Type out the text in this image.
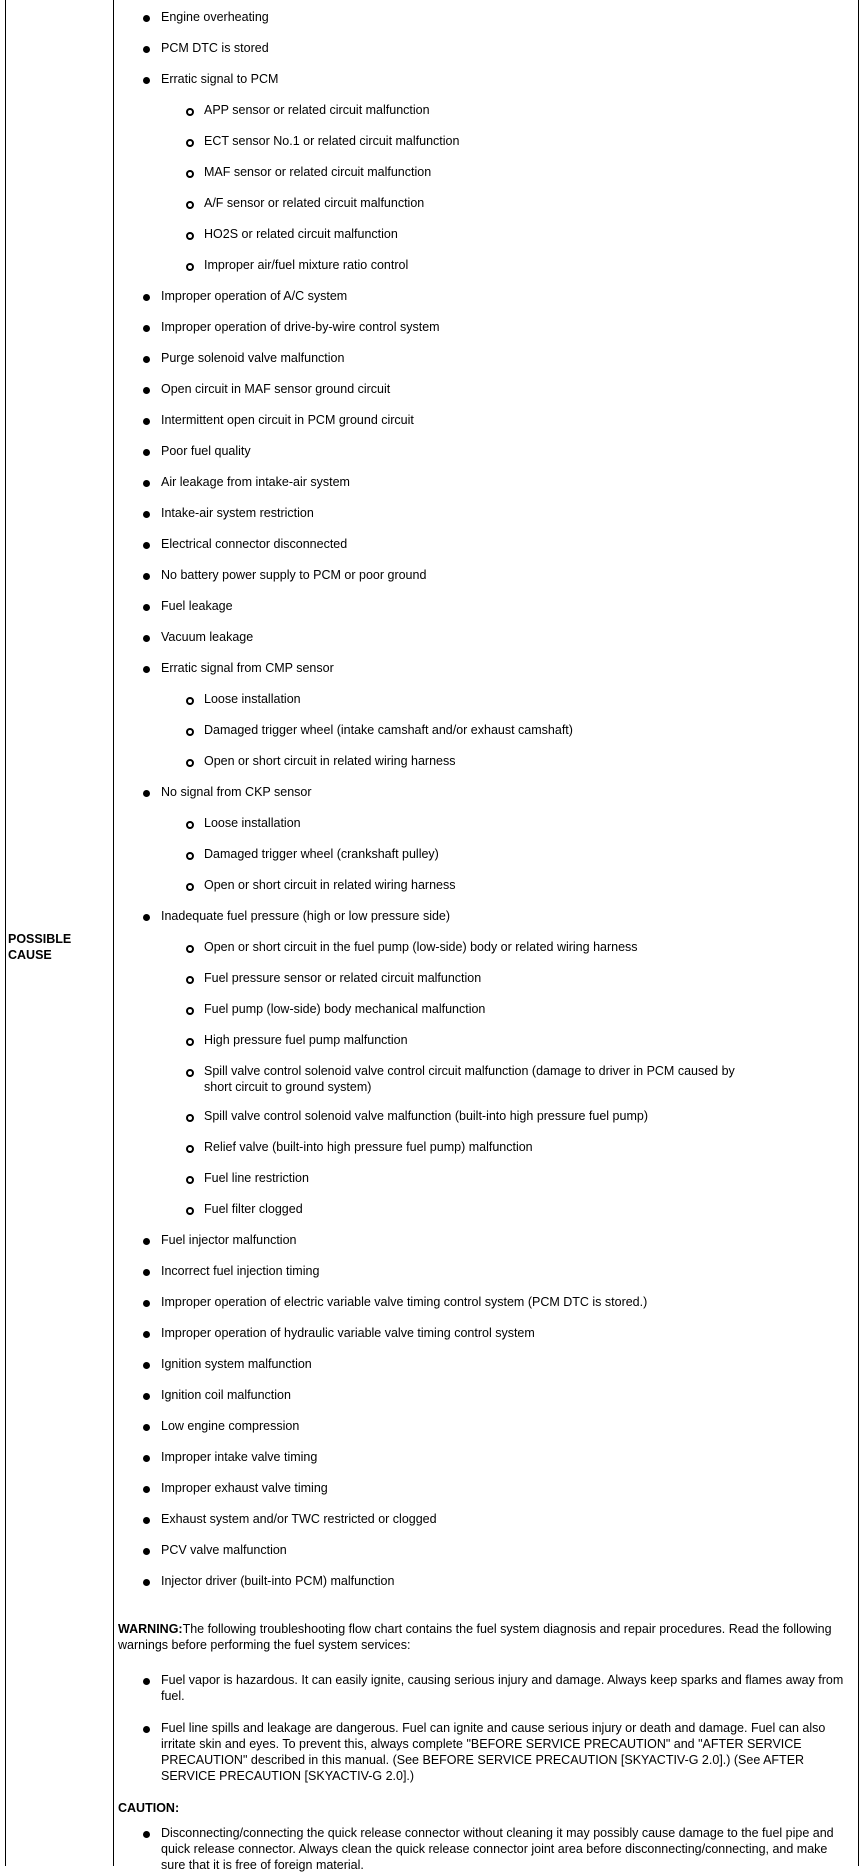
POSSIBLE
CAUSE
Engine overheating
PCM DTC is stored
Erratic signal to PCM
APP sensor or related circuit malfunction
ECT sensor No.1 or related circuit malfunction
MAF sensor or related circuit malfunction
A/F sensor or related circuit malfunction
HO2S or related circuit malfunction
Improper air/fuel mixture ratio control
Improper operation of A/C system
Improper operation of drive-by-wire control system
Purge solenoid valve malfunction
Open circuit in MAF sensor ground circuit
Intermittent open circuit in PCM ground circuit
Poor fuel quality
Air leakage from intake-air system
Intake-air system restriction
Electrical connector disconnected
No battery power supply to PCM or poor ground
Fuel leakage
Vacuum leakage
Erratic signal from CMP sensor
Loose installation
Damaged trigger wheel (intake camshaft and/or exhaust camshaft)
Open or short circuit in related wiring harness
No signal from CKP sensor
Loose installation
Damaged trigger wheel (crankshaft pulley)
Open or short circuit in related wiring harness
Inadequate fuel pressure (high or low pressure side)
Open or short circuit in the fuel pump (low-side) body or related wiring harness
Fuel pressure sensor or related circuit malfunction
Fuel pump (low-side) body mechanical malfunction
High pressure fuel pump malfunction
Spill valve control solenoid valve control circuit malfunction (damage to driver in PCM caused by
short circuit to ground system)
Spill valve control solenoid valve malfunction (built-into high pressure fuel pump)
Relief valve (built-into high pressure fuel pump) malfunction
Fuel line restriction
Fuel filter clogged
Fuel injector malfunction
Incorrect fuel injection timing
Improper operation of electric variable valve timing control system (PCM DTC is stored.)
Improper operation of hydraulic variable valve timing control system
Ignition system malfunction
Ignition coil malfunction
Low engine compression
Improper intake valve timing
Improper exhaust valve timing
Exhaust system and/or TWC restricted or clogged
PCV valve malfunction
Injector driver (built-into PCM) malfunction
WARNING:The following troubleshooting flow chart contains the fuel system diagnosis and repair procedures. Read the following warnings before performing the fuel system services:
Fuel vapor is hazardous. It can easily ignite, causing serious injury and damage. Always keep sparks and flames away from fuel.
Fuel line spills and leakage are dangerous. Fuel can ignite and cause serious injury or death and damage. Fuel can also irritate skin and eyes. To prevent this, always complete "BEFORE SERVICE PRECAUTION" and "AFTER SERVICE PRECAUTION" described in this manual. (See BEFORE SERVICE PRECAUTION [SKYACTIV-G 2.0].) (See AFTER SERVICE PRECAUTION [SKYACTIV-G 2.0].)
CAUTION:
Disconnecting/connecting the quick release connector without cleaning it may possibly cause damage to the fuel pipe and quick release connector. Always clean the quick release connector joint area before disconnecting/connecting, and make sure that it is free of foreign material.
